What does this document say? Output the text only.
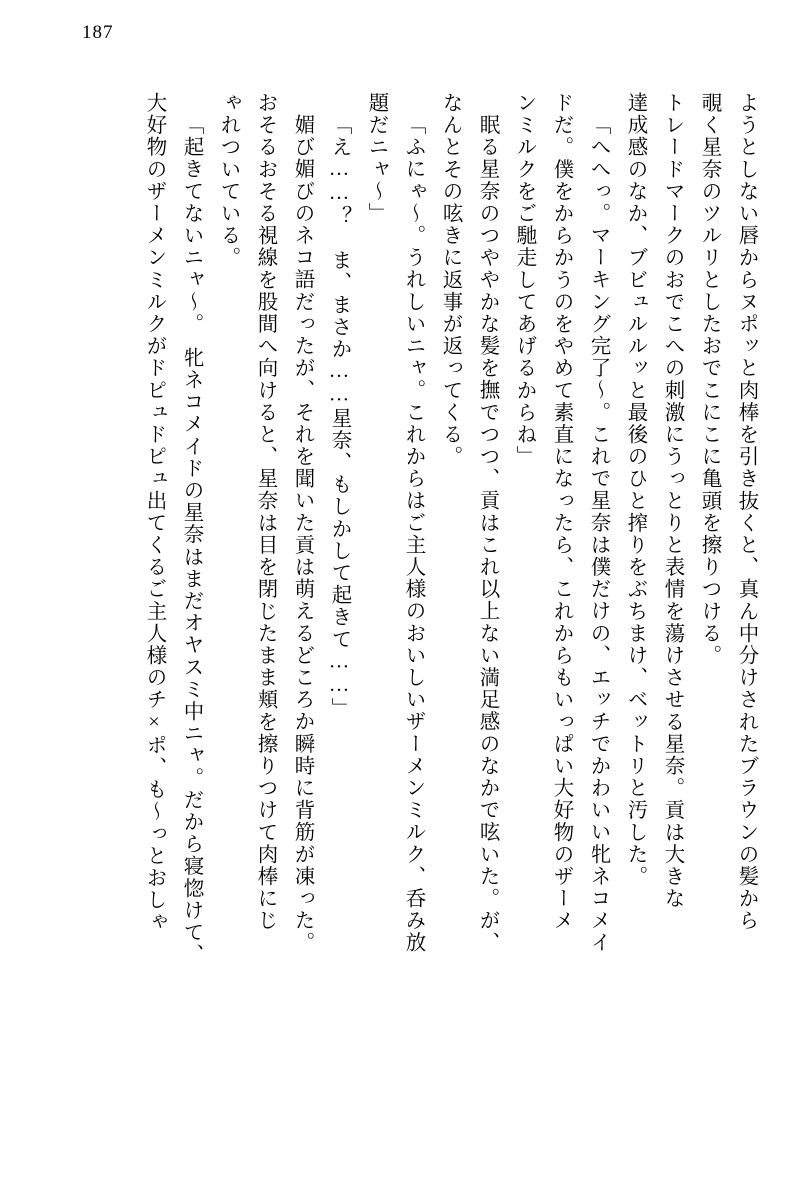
187
ようとしない唇からヌポッと肉棒を引き抜くと、真ん中分けされたブラウンの髪から
覗く星奈のツルリとしたおでこにこに亀頭を擦りつける。
トレードマークのおでこへの刺激にうっとりと表情を蕩けさせる星奈。貢は大きな
達成感のなか、ブビュルルッと最後のひと搾りをぶちまけ、ベットリと汚した。
「へへっ。マーキング完了〜。これで星奈は僕だけの、エッチでかわいい牝ネコメイ
ドだ。僕をからかうのをやめて素直になったら、これからもいっぱい大好物のザーメ
ンミルクをご馳走してあげるからね」
眠る星奈のつややかな髪を撫でつつ、貢はこれ以上ない満足感のなかで呟いた。が、
なんとその呟きに返事が返ってくる。
「ふにゃ〜。うれしいニャ。これからはご主人様のおいしいザーメンミルク、呑み放
題だニャ〜」
「え……？　ま、まさか……星奈、もしかして起きて……」
媚び媚びのネコ語だったが、それを聞いた貢は萌えるどころか瞬時に背筋が凍った。
おそるおそる視線を股間へ向けると、星奈は目を閉じたまま頬を擦りつけて肉棒にじ
ゃれついている。
「起きてないニャ〜。　牝ネコメイドの星奈はまだオヤスミ中ニャ。だから寝惚けて、
大好物のザーメンミルクがドピュドピュ出てくるご主人様のチ×ポ、も〜っとおしゃ
